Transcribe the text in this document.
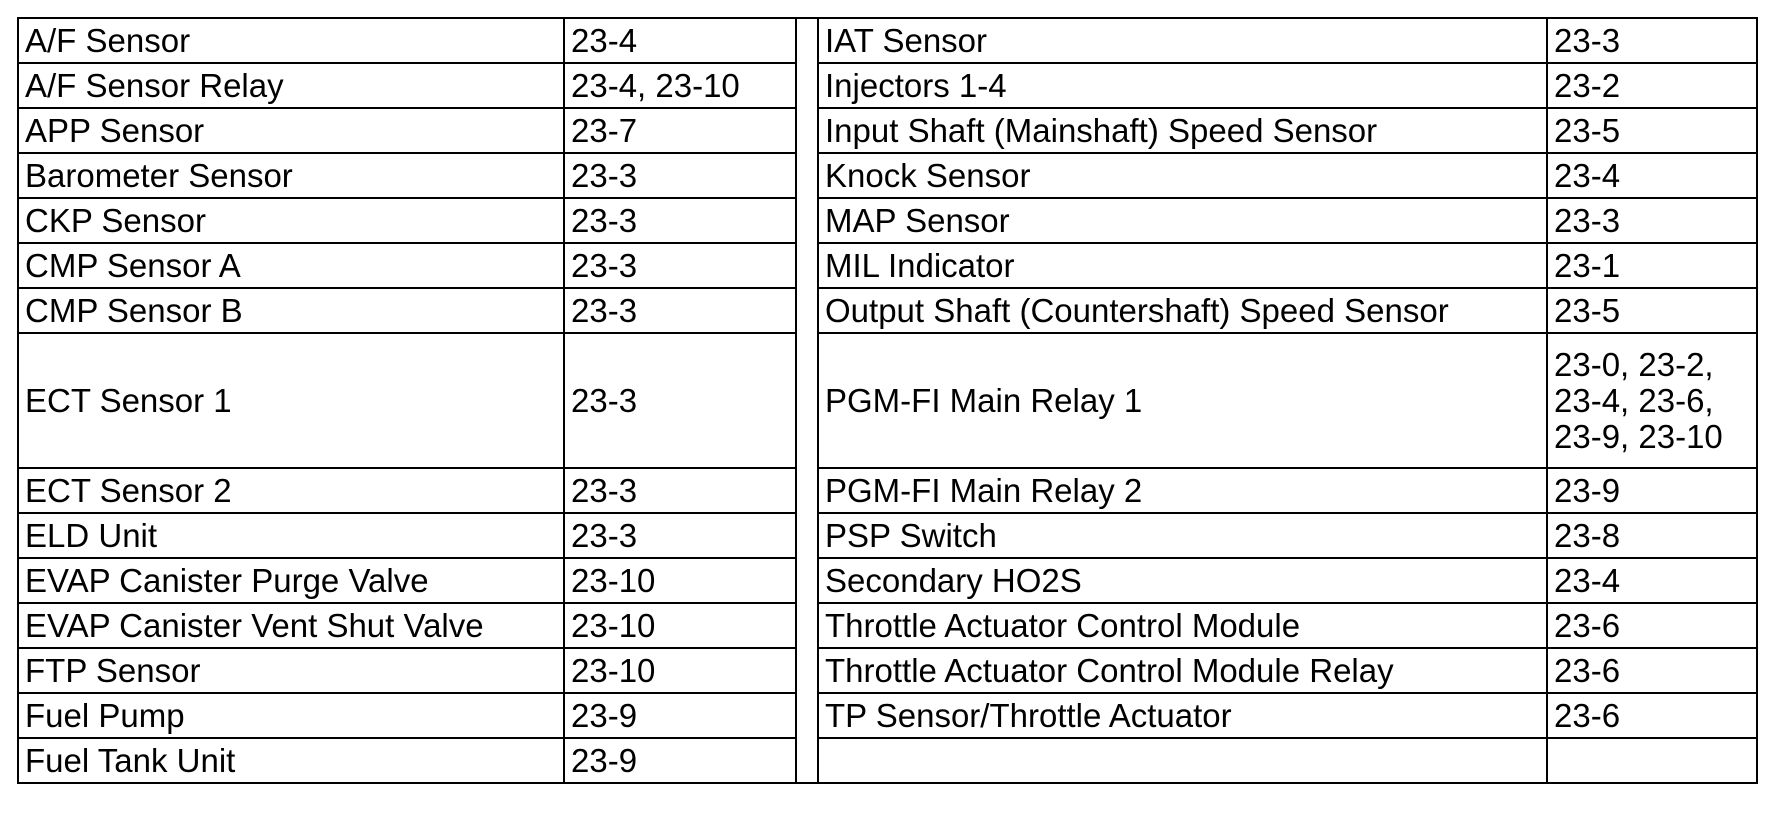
A/F Sensor	23-4		IAT Sensor	23-3
A/F Sensor Relay	23-4, 23-10		Injectors 1-4	23-2
APP Sensor	23-7		Input Shaft (Mainshaft) Speed Sensor	23-5
Barometer Sensor	23-3		Knock Sensor	23-4
CKP Sensor	23-3		MAP Sensor	23-3
CMP Sensor A	23-3		MIL Indicator	23-1
CMP Sensor B	23-3		Output Shaft (Countershaft) Speed Sensor	23-5
ECT Sensor 1	23-3		PGM-FI Main Relay 1	23-0, 23-2, 23-4, 23-6, 23-9, 23-10
ECT Sensor 2	23-3		PGM-FI Main Relay 2	23-9
ELD Unit	23-3		PSP Switch	23-8
EVAP Canister Purge Valve	23-10		Secondary HO2S	23-4
EVAP Canister Vent Shut Valve	23-10		Throttle Actuator Control Module	23-6
FTP Sensor	23-10		Throttle Actuator Control Module Relay	23-6
Fuel Pump	23-9		TP Sensor/Throttle Actuator	23-6
Fuel Tank Unit	23-9			
